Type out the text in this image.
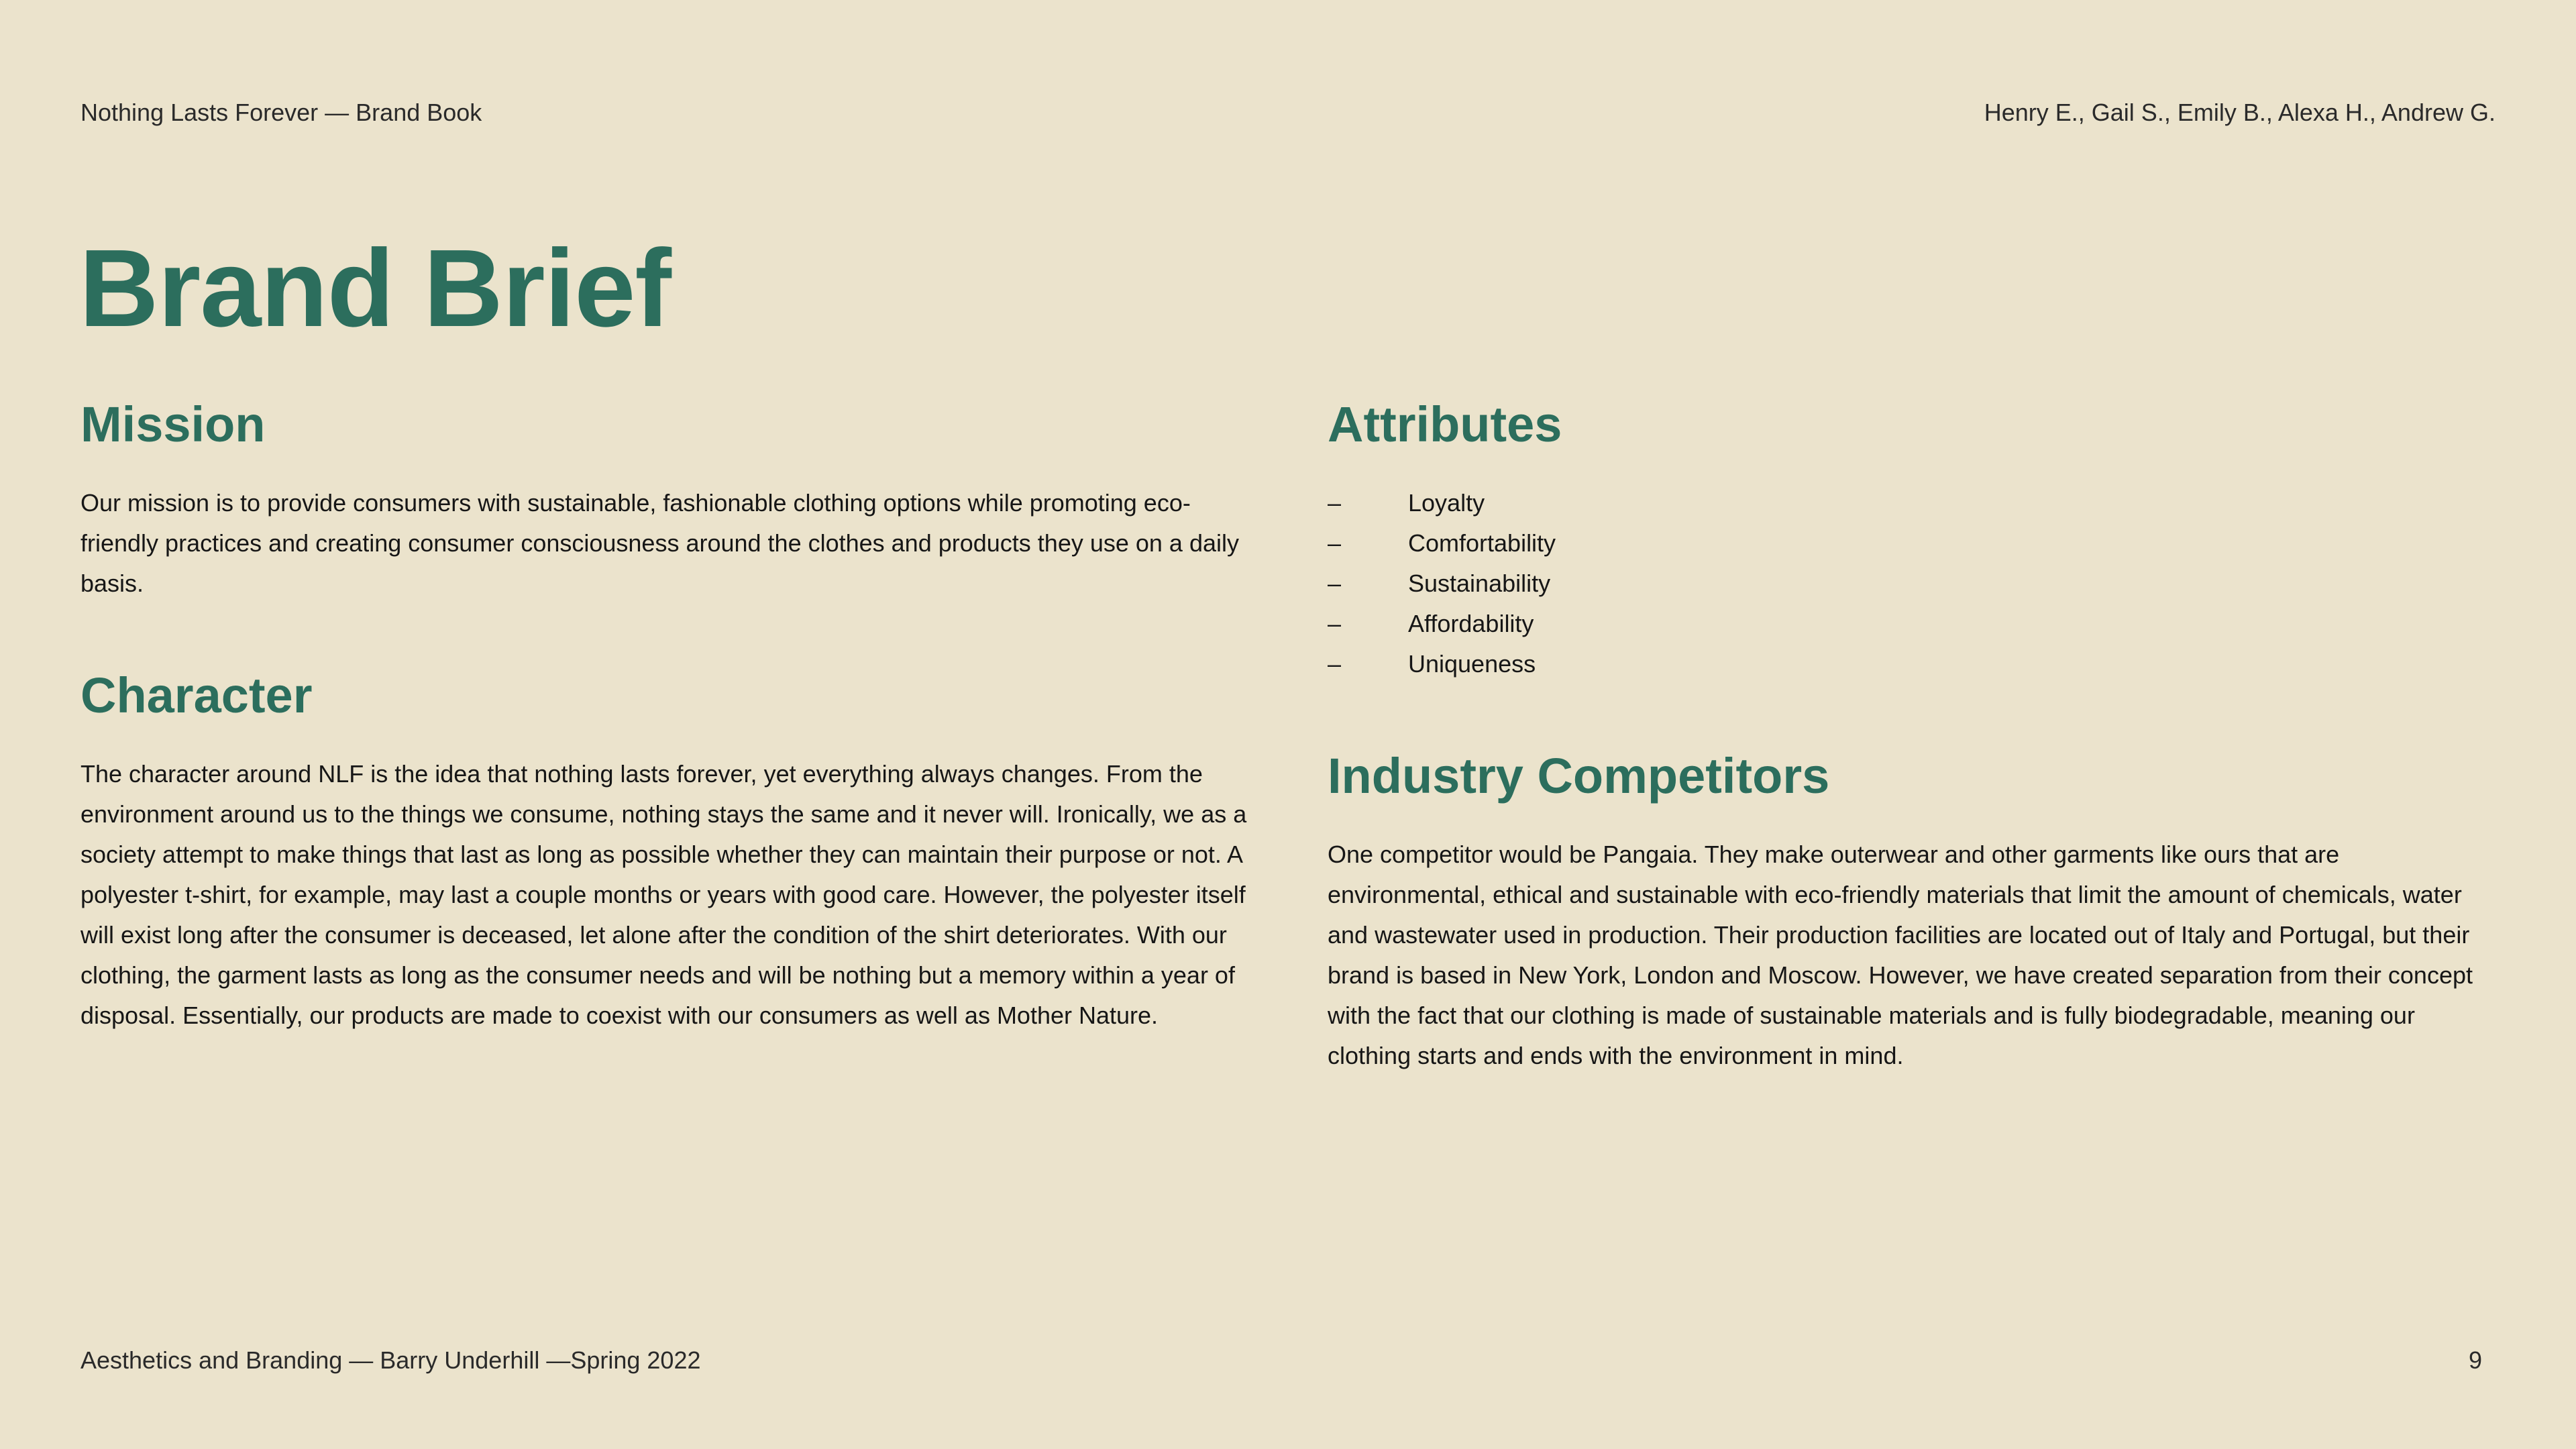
Nothing Lasts Forever — Brand Book	Henry E., Gail S., Emily B., Alexa H., Andrew G.
Brand Brief
Mission

Our mission is to provide consumers with sustainable, fashionable clothing options while promoting eco-friendly practices and creating consumer consciousness around the clothes and products they use on a daily basis.

Character

The character around NLF is the idea that nothing lasts forever, yet everything always changes. From the environment around us to the things we consume, nothing stays the same and it never will. Ironically, we as a society attempt to make things that last as long as possible whether they can maintain their purpose or not. A polyester t-shirt, for example, may last a couple months or years with good care. However, the polyester itself will exist long after the consumer is deceased, let alone after the condition of the shirt deteriorates. With our clothing, the garment lasts as long as the consumer needs and will be nothing but a memory within a year of disposal. Essentially, our products are made to coexist with our consumers as well as Mother Nature.

Attributes
–	Loyalty
–	Comfortability
–	Sustainability
–	Affordability
–	Uniqueness
Industry Competitors

One competitor would be Pangaia. They make outerwear and other garments like ours that are environmental, ethical and sustainable with eco-friendly materials that limit the amount of chemicals, water and wastewater used in production. Their production facilities are located out of Italy and Portugal, but their brand is based in New York, London and Moscow. However, we have created separation from their concept with the fact that our clothing is made of sustainable materials and is fully biodegradable, meaning our clothing starts and ends with the environment in mind.

Aesthetics and Branding — Barry Underhill —Spring 2022	9
